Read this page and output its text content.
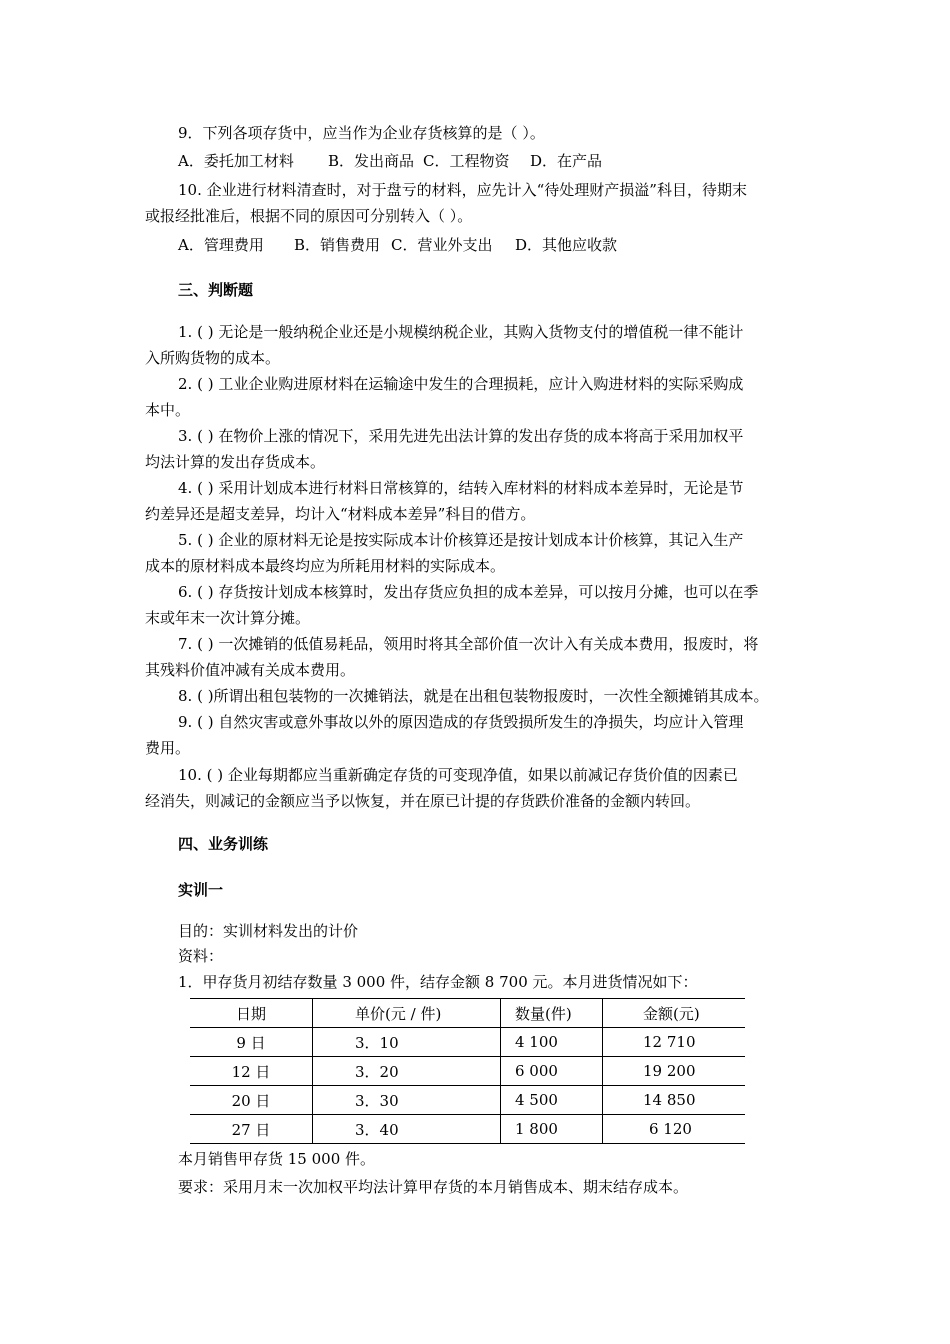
9．下列各项存货中，应当作为企业存货核算的是（ ）。
A．委托加工材料 B．发出商品 C．工程物资 D．在产品
10. 企业进行材料清查时，对于盘亏的材料，应先计入“待处理财产损溢”科目，待期末
或报经批准后，根据不同的原因可分别转入（ ）。
A．管理费用 B．销售费用 C．营业外支出 D．其他应收款
三、判断题
1. ( ) 无论是一般纳税企业还是小规模纳税企业，其购入货物支付的增值税一律不能计
入所购货物的成本。
2. ( ) 工业企业购进原材料在运输途中发生的合理损耗，应计入购进材料的实际采购成
本中。
3. ( ) 在物价上涨的情况下，采用先进先出法计算的发出存货的成本将高于采用加权平
均法计算的发出存货成本。
4. ( ) 采用计划成本进行材料日常核算的，结转入库材料的材料成本差异时，无论是节
约差异还是超支差异，均计入“材料成本差异”科目的借方。
5. ( ) 企业的原材料无论是按实际成本计价核算还是按计划成本计价核算，其记入生产
成本的原材料成本最终均应为所耗用材料的实际成本。
6. ( ) 存货按计划成本核算时，发出存货应负担的成本差异，可以按月分摊，也可以在季
末或年末一次计算分摊。
7. ( ) 一次摊销的低值易耗品，领用时将其全部价值一次计入有关成本费用，报废时，将
其残料价值冲减有关成本费用。
8. ( )所谓出租包装物的一次摊销法，就是在出租包装物报废时，一次性全额摊销其成本。
9. ( ) 自然灾害或意外事故以外的原因造成的存货毁损所发生的净损失，均应计入管理
费用。
10. ( ) 企业每期都应当重新确定存货的可变现净值，如果以前减记存货价值的因素已
经消失，则减记的金额应当予以恢复，并在原已计提的存货跌价准备的金额内转回。
四、业务训练
实训一
目的：实训材料发出的计价
资料：
1．甲存货月初结存数量 3 000 件，结存金额 8 700 元。本月进货情况如下：
日期	单价(元 / 件)	数量(件)	金额(元)
9 日	3．10	4 100	12 710
12 日	3．20	6 000	19 200
20 日	3．30	4 500	14 850
27 日	3．40	1 800	6 120
本月销售甲存货 15 000 件。
要求：采用月末一次加权平均法计算甲存货的本月销售成本、期末结存成本。
